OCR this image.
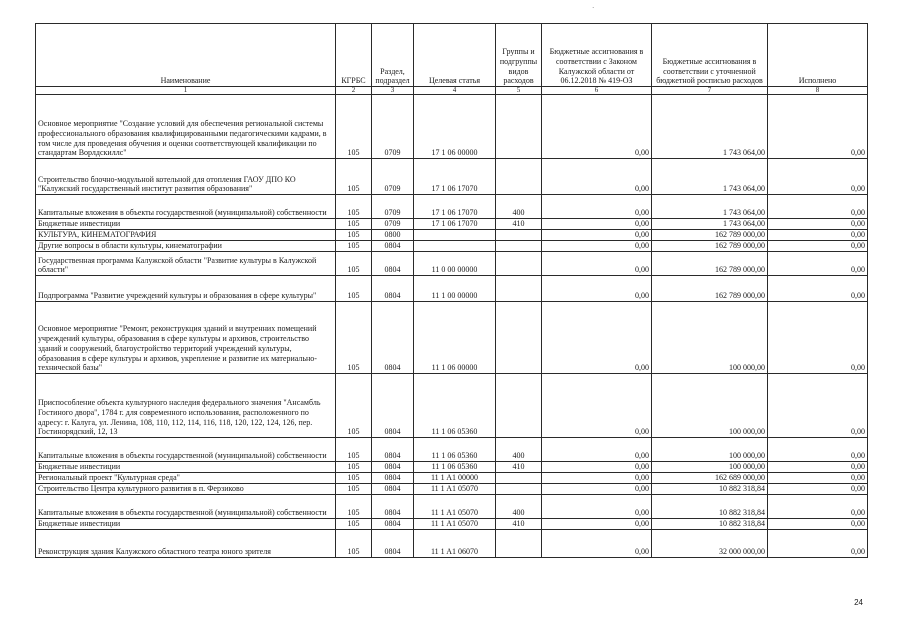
·
Наименование	КГРБС	Раздел, подраздел	Целевая статья	Группы и подгруппы видов расходов	Бюджетные ассигнования в соответствии с Законом Калужской области от 06.12.2018 № 419-ОЗ	Бюджетные ассигнования в соответствии с уточненной бюджетной росписью расходов	Исполнено
1	2	3	4	5	6	7	8
Основное мероприятие "Создание условий для обеспечения региональной системы профессионального образования квалифицированными педагогическими кадрами, в том числе для проведения обучения и оценки соответствующей квалификации по стандартам Ворлдскиллс"	105	0709	17 1 06 00000		0,00	1 743 064,00	0,00
Строительство блочно-модульной котельной для отопления ГАОУ ДПО КО "Калужский государственный институт развития образования"	105	0709	17 1 06 17070		0,00	1 743 064,00	0,00
Капитальные вложения в объекты государственной (муниципальной) собственности	105	0709	17 1 06 17070	400	0,00	1 743 064,00	0,00
Бюджетные инвестиции	105	0709	17 1 06 17070	410	0,00	1 743 064,00	0,00
КУЛЬТУРА, КИНЕМАТОГРАФИЯ	105	0800			0,00	162 789 000,00	0,00
Другие вопросы в области культуры, кинематографии	105	0804			0,00	162 789 000,00	0,00
Государственная программа Калужской области "Развитие культуры в Калужской области"	105	0804	11 0 00 00000		0,00	162 789 000,00	0,00
Подпрограмма "Развитие учреждений культуры и образования в сфере культуры"	105	0804	11 1 00 00000		0,00	162 789 000,00	0,00
Основное мероприятие "Ремонт, реконструкция зданий и внутренних помещений учреждений культуры, образования в сфере культуры и архивов, строительство зданий и сооружений, благоустройство территорий учреждений культуры, образования в сфере культуры и архивов, укрепление и развитие их материально-технической базы"	105	0804	11 1 06 00000		0,00	100 000,00	0,00
Приспособление объекта культурного наследия федерального значения "Ансамбль Гостиного двора", 1784 г. для современного использования, расположенного по адресу: г. Калуга, ул. Ленина, 108, 110, 112, 114, 116, 118, 120, 122, 124, 126, пер. Гостинорядский, 12, 13	105	0804	11 1 06 05360		0,00	100 000,00	0,00
Капитальные вложения в объекты государственной (муниципальной) собственности	105	0804	11 1 06 05360	400	0,00	100 000,00	0,00
Бюджетные инвестиции	105	0804	11 1 06 05360	410	0,00	100 000,00	0,00
Региональный проект "Культурная среда"	105	0804	11 1 A1 00000		0,00	162 689 000,00	0,00
Строительство Центра культурного развития в п. Ферзиково	105	0804	11 1 A1 05070		0,00	10 882 318,84	0,00
Капитальные вложения в объекты государственной (муниципальной) собственности	105	0804	11 1 A1 05070	400	0,00	10 882 318,84	0,00
Бюджетные инвестиции	105	0804	11 1 A1 05070	410	0,00	10 882 318,84	0,00
Реконструкция здания Калужского областного театра юного зрителя	105	0804	11 1 A1 06070		0,00	32 000 000,00	0,00
24
